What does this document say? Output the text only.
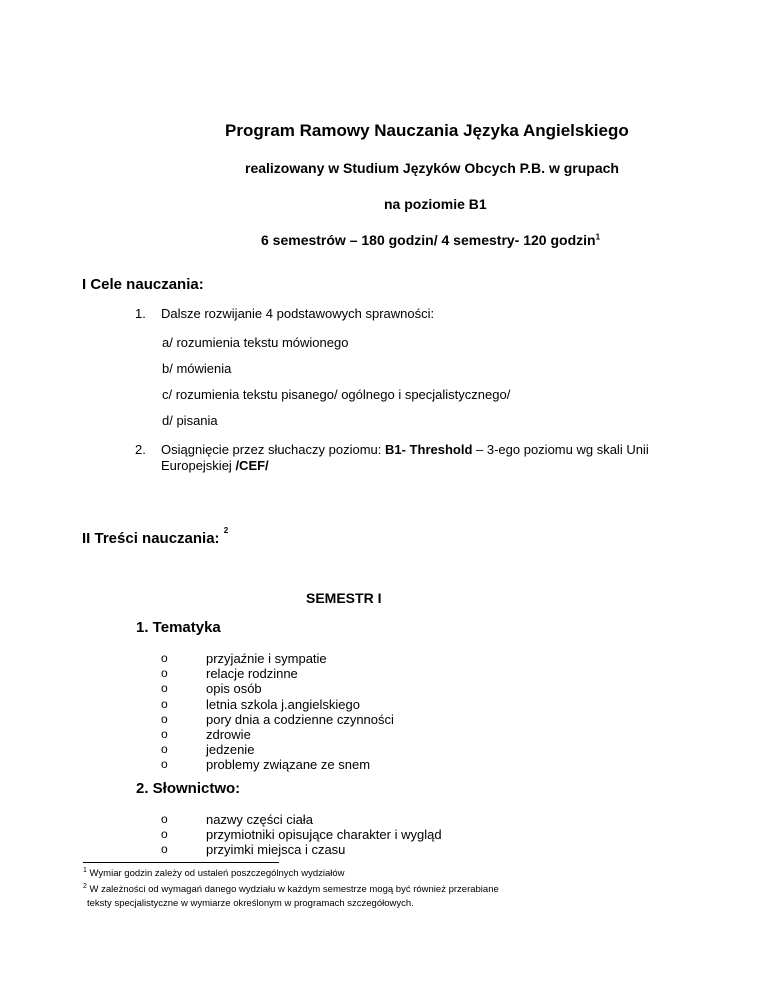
Program Ramowy Nauczania Języka Angielskiego
realizowany w Studium Języków Obcych P.B. w grupach
na poziomie B1
6 semestrów – 180 godzin/ 4 semestry- 120 godzin$^1$
I Cele nauczania:
1. Dalsze rozwijanie 4 podstawowych sprawności:
a/ rozumienia tekstu mówionego
b/ mówienia
c/ rozumienia tekstu pisanego/ ogólnego i specjalistycznego/
d/ pisania
2. Osiągnięcie przez słuchaczy poziomu: B1- Threshold – 3-ego poziomu wg skali Unii
Europejskiej /CEF/
II Treści nauczania: $^2$
SEMESTR I
1. Tematyka
o	przyjaźnie i sympatie
o	relacje rodzinne
o	opis osób
o	letnia szkola j.angielskiego
o	pory dnia a codzienne czynności
o	zdrowie
o	jedzenie
o	problemy związane ze snem
2. Słownictwo:
o	nazwy części ciała
o	przymiotniki opisujące charakter i wygląd
o	przyimki miejsca i czasu
$^1$ Wymiar godzin zależy od ustaleń poszczególnych wydziałów
$^2$ W zależności od wymagań danego wydziału w każdym semestrze mogą być również przerabiane
teksty specjalistyczne w wymiarze określonym w programach szczegółowych.
